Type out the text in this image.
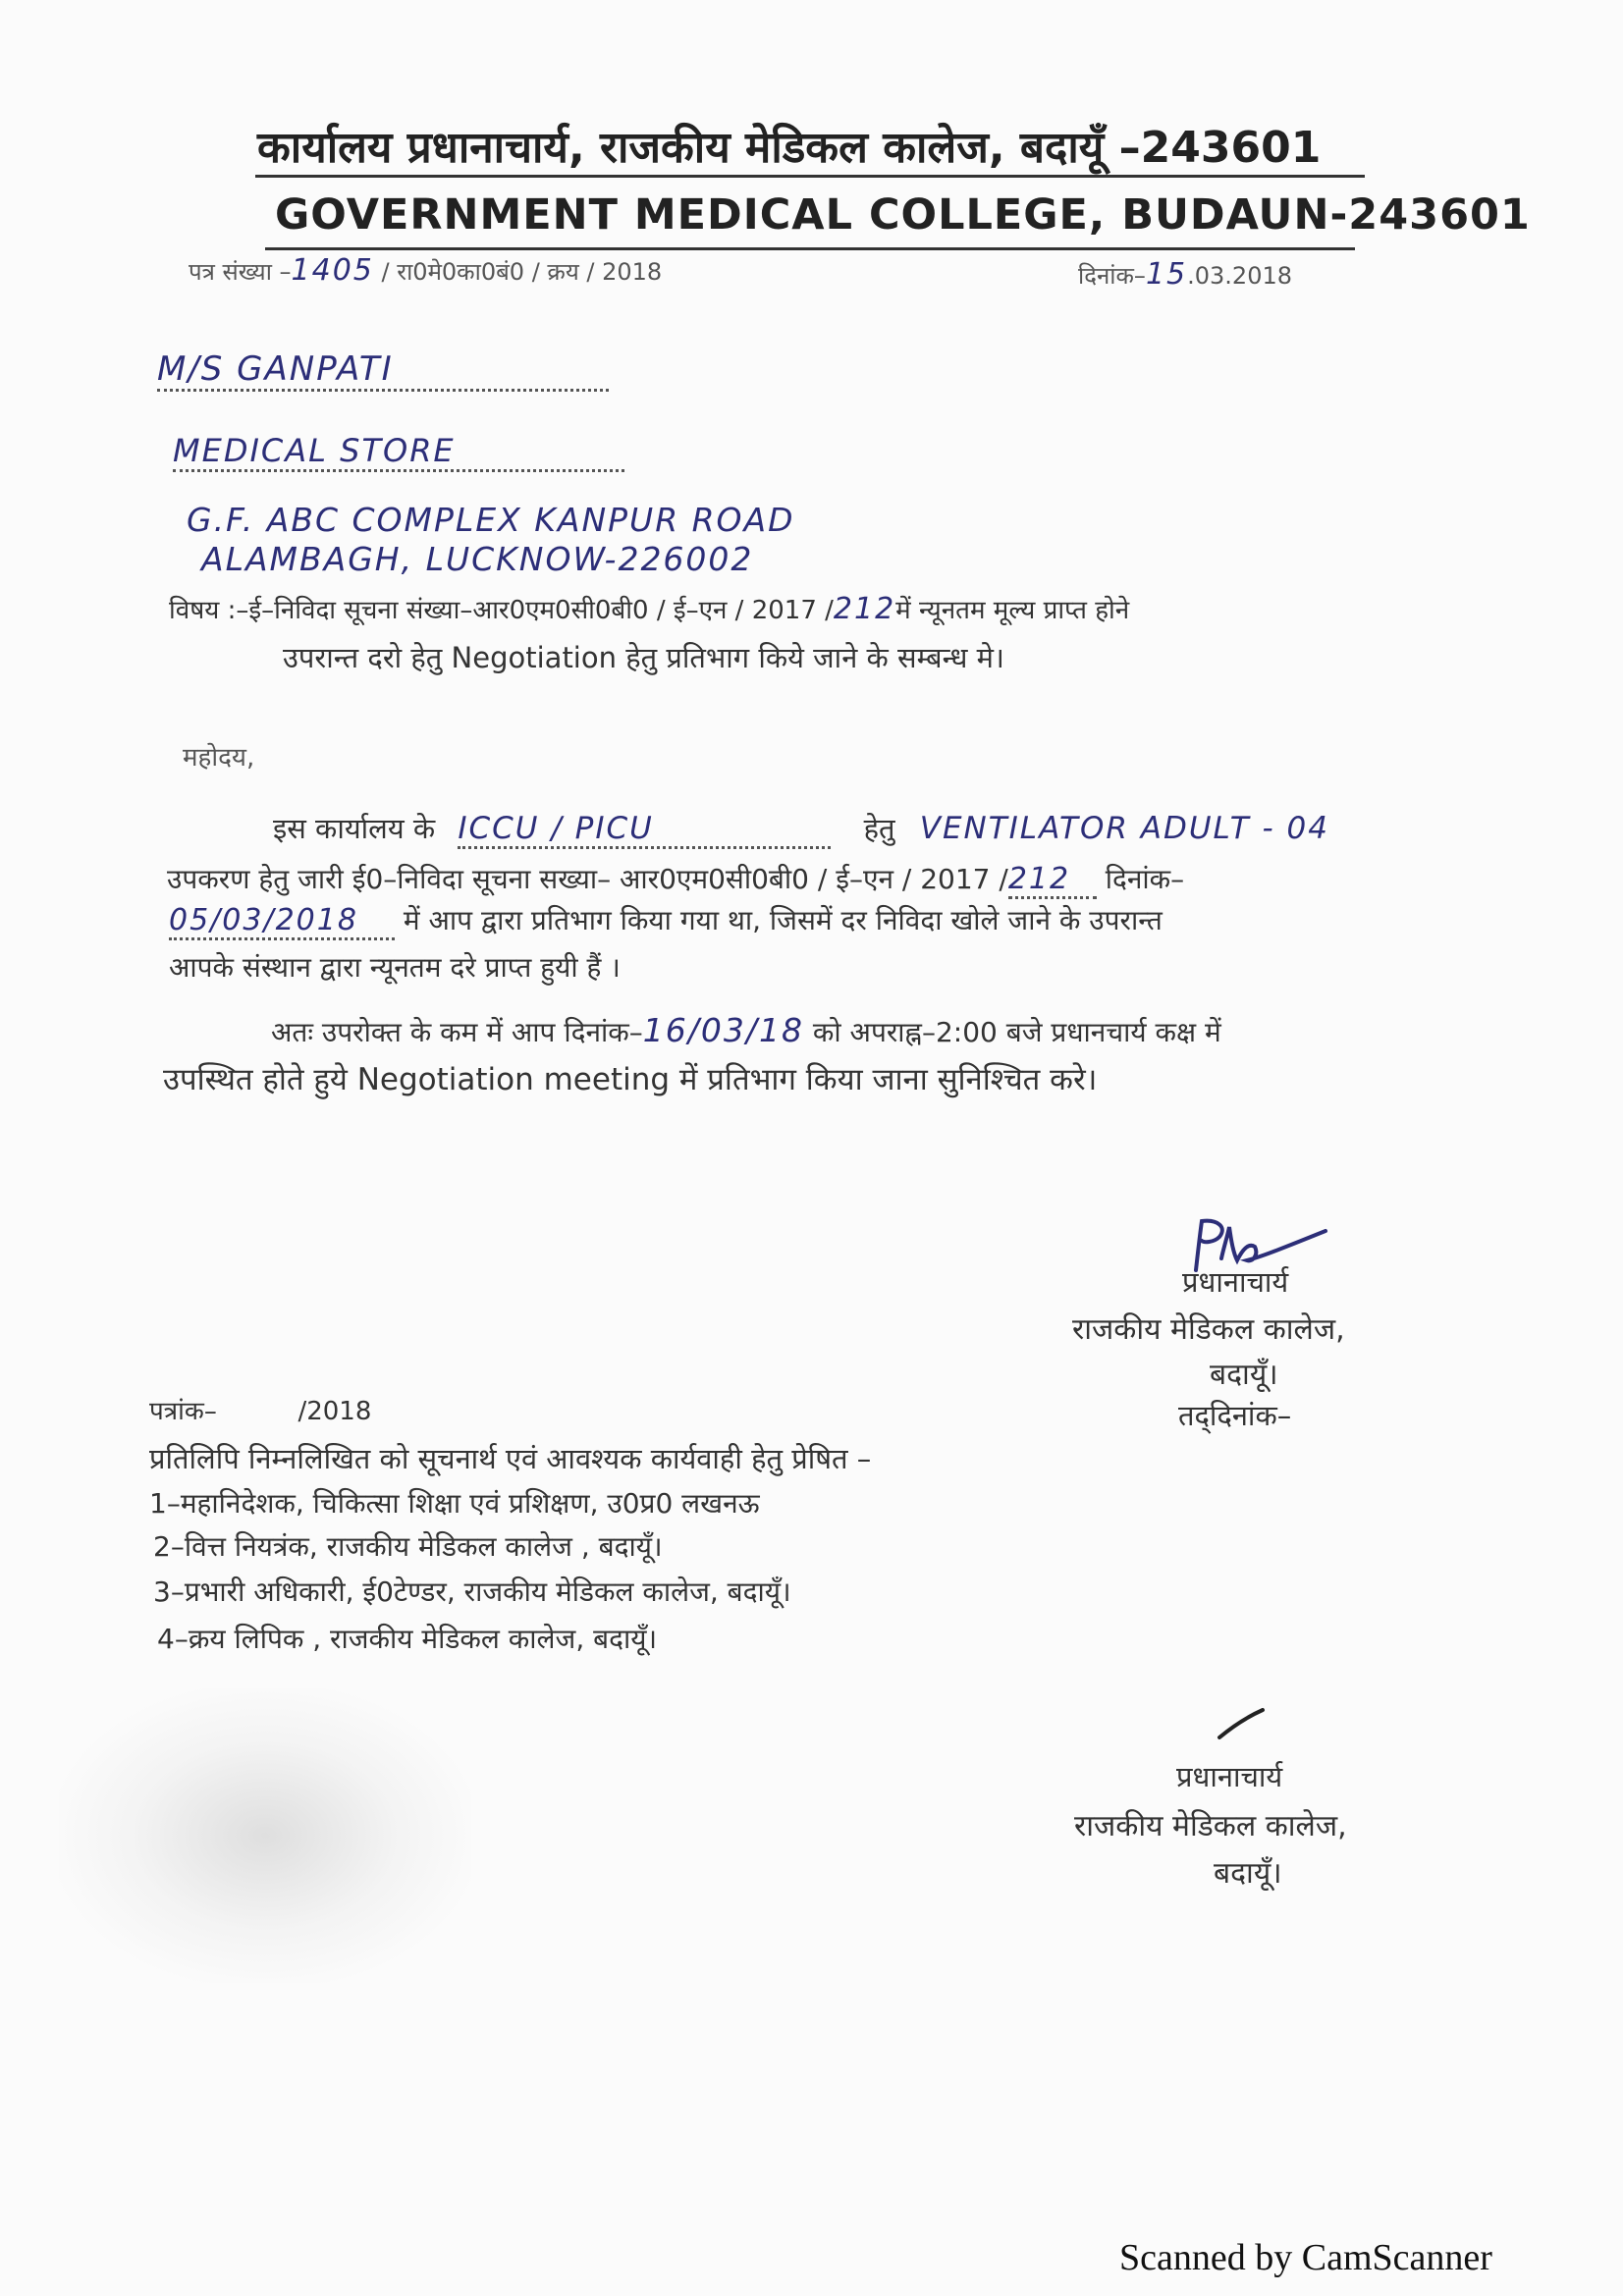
कार्यालय प्रधानाचार्य, राजकीय मेडिकल कालेज, बदायूँ –243601
GOVERNMENT MEDICAL COLLEGE, BUDAUN-243601
पत्र संख्या –1405 / रा0मे0का0बं0 / क्रय / 2018	दिनांक–15.03.2018
M/S GANPATI
MEDICAL STORE
G.F. ABC COMPLEX KANPUR ROAD
ALAMBAGH, LUCKNOW-226002
विषय :–ई–निविदा सूचना संख्या–आर0एम0सी0बी0 / ई–एन / 2017 /212में न्यूनतम मूल्य प्राप्त होने
उपरान्त दरो हेतु Negotiation हेतु प्रतिभाग किये जाने के सम्बन्ध मे।
महोदय,
इस कार्यालय के ICCU / PICU	हेतु VENTILATOR ADULT - 04
उपकरण हेतु जारी ई0–निविदा सूचना सख्या– आर0एम0सी0बी0 / ई–एन / 2017 /212 दिनांक–
05/03/2018 में आप द्वारा प्रतिभाग किया गया था, जिसमें दर निविदा खोले जाने के उपरान्त
आपके संस्थान द्वारा न्यूनतम दरे प्राप्त हुयी हैं ।
अतः उपरोक्त के कम में आप दिनांक–16/03/18 को अपराह्न–2:00 बजे प्रधानचार्य कक्ष में
उपस्थित होते हुये Negotiation meeting में प्रतिभाग किया जाना सुनिश्चित करे।
प्रधानाचार्य
राजकीय मेडिकल कालेज,
बदायूँ।
तद्‌दिनांक–
पत्रांक–          /2018
प्रतिलिपि निम्नलिखित को सूचनार्थ एवं आवश्यक कार्यवाही हेतु प्रेषित –
1–महानिदेशक, चिकित्सा शिक्षा एवं प्रशिक्षण, उ0प्र0 लखनऊ
2–वित्त नियत्रंक, राजकीय मेडिकल कालेज , बदायूँ।
3–प्रभारी अधिकारी, ई0टेण्डर, राजकीय मेडिकल कालेज, बदायूँ।
4–क्रय लिपिक , राजकीय मेडिकल कालेज, बदायूँ।
प्रधानाचार्य
राजकीय मेडिकल कालेज,
बदायूँ।
Scanned by CamScanner
